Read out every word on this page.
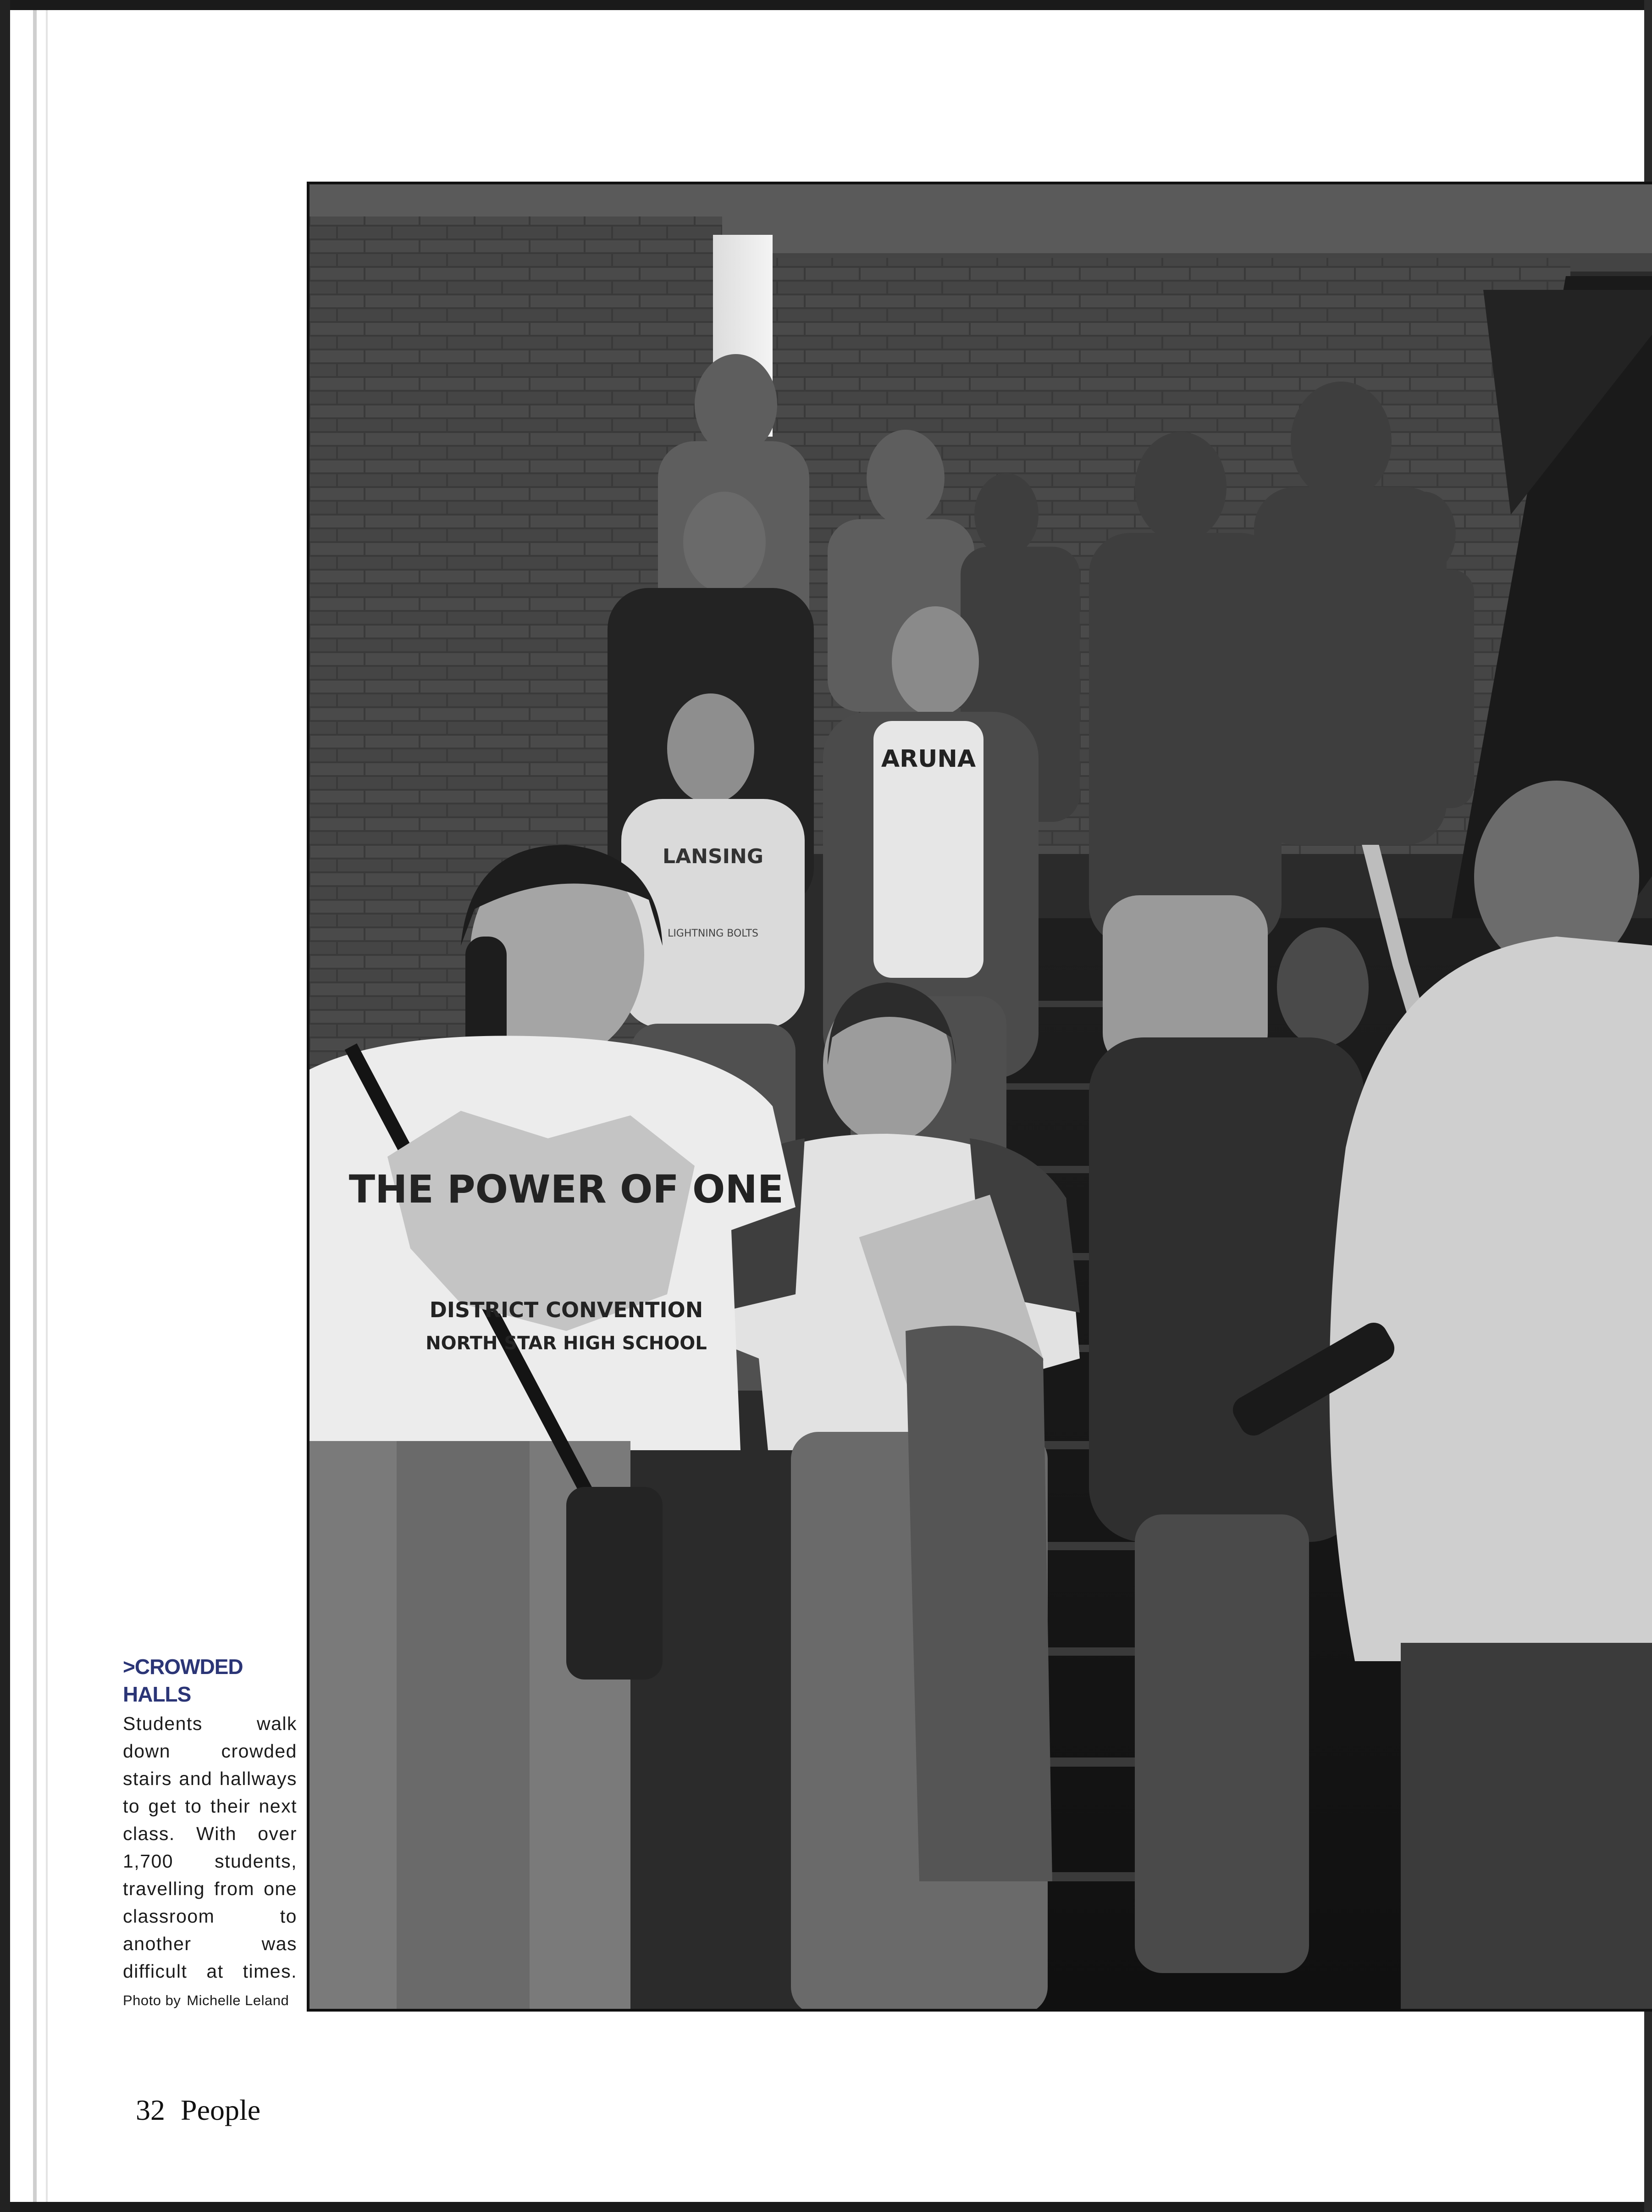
THE POWER OF ONE
DISTRICT CONVENTION
NORTH STAR HIGH SCHOOL
LANSING
LIGHTNING BOLTS
ARUNA
>CROWDED HALLS
Students walk down crowded stairs and hallways to get to their next class. With over 1,700 students, travelling from one classroom to another was difficult at times. Photo by Michelle Leland
32 People
